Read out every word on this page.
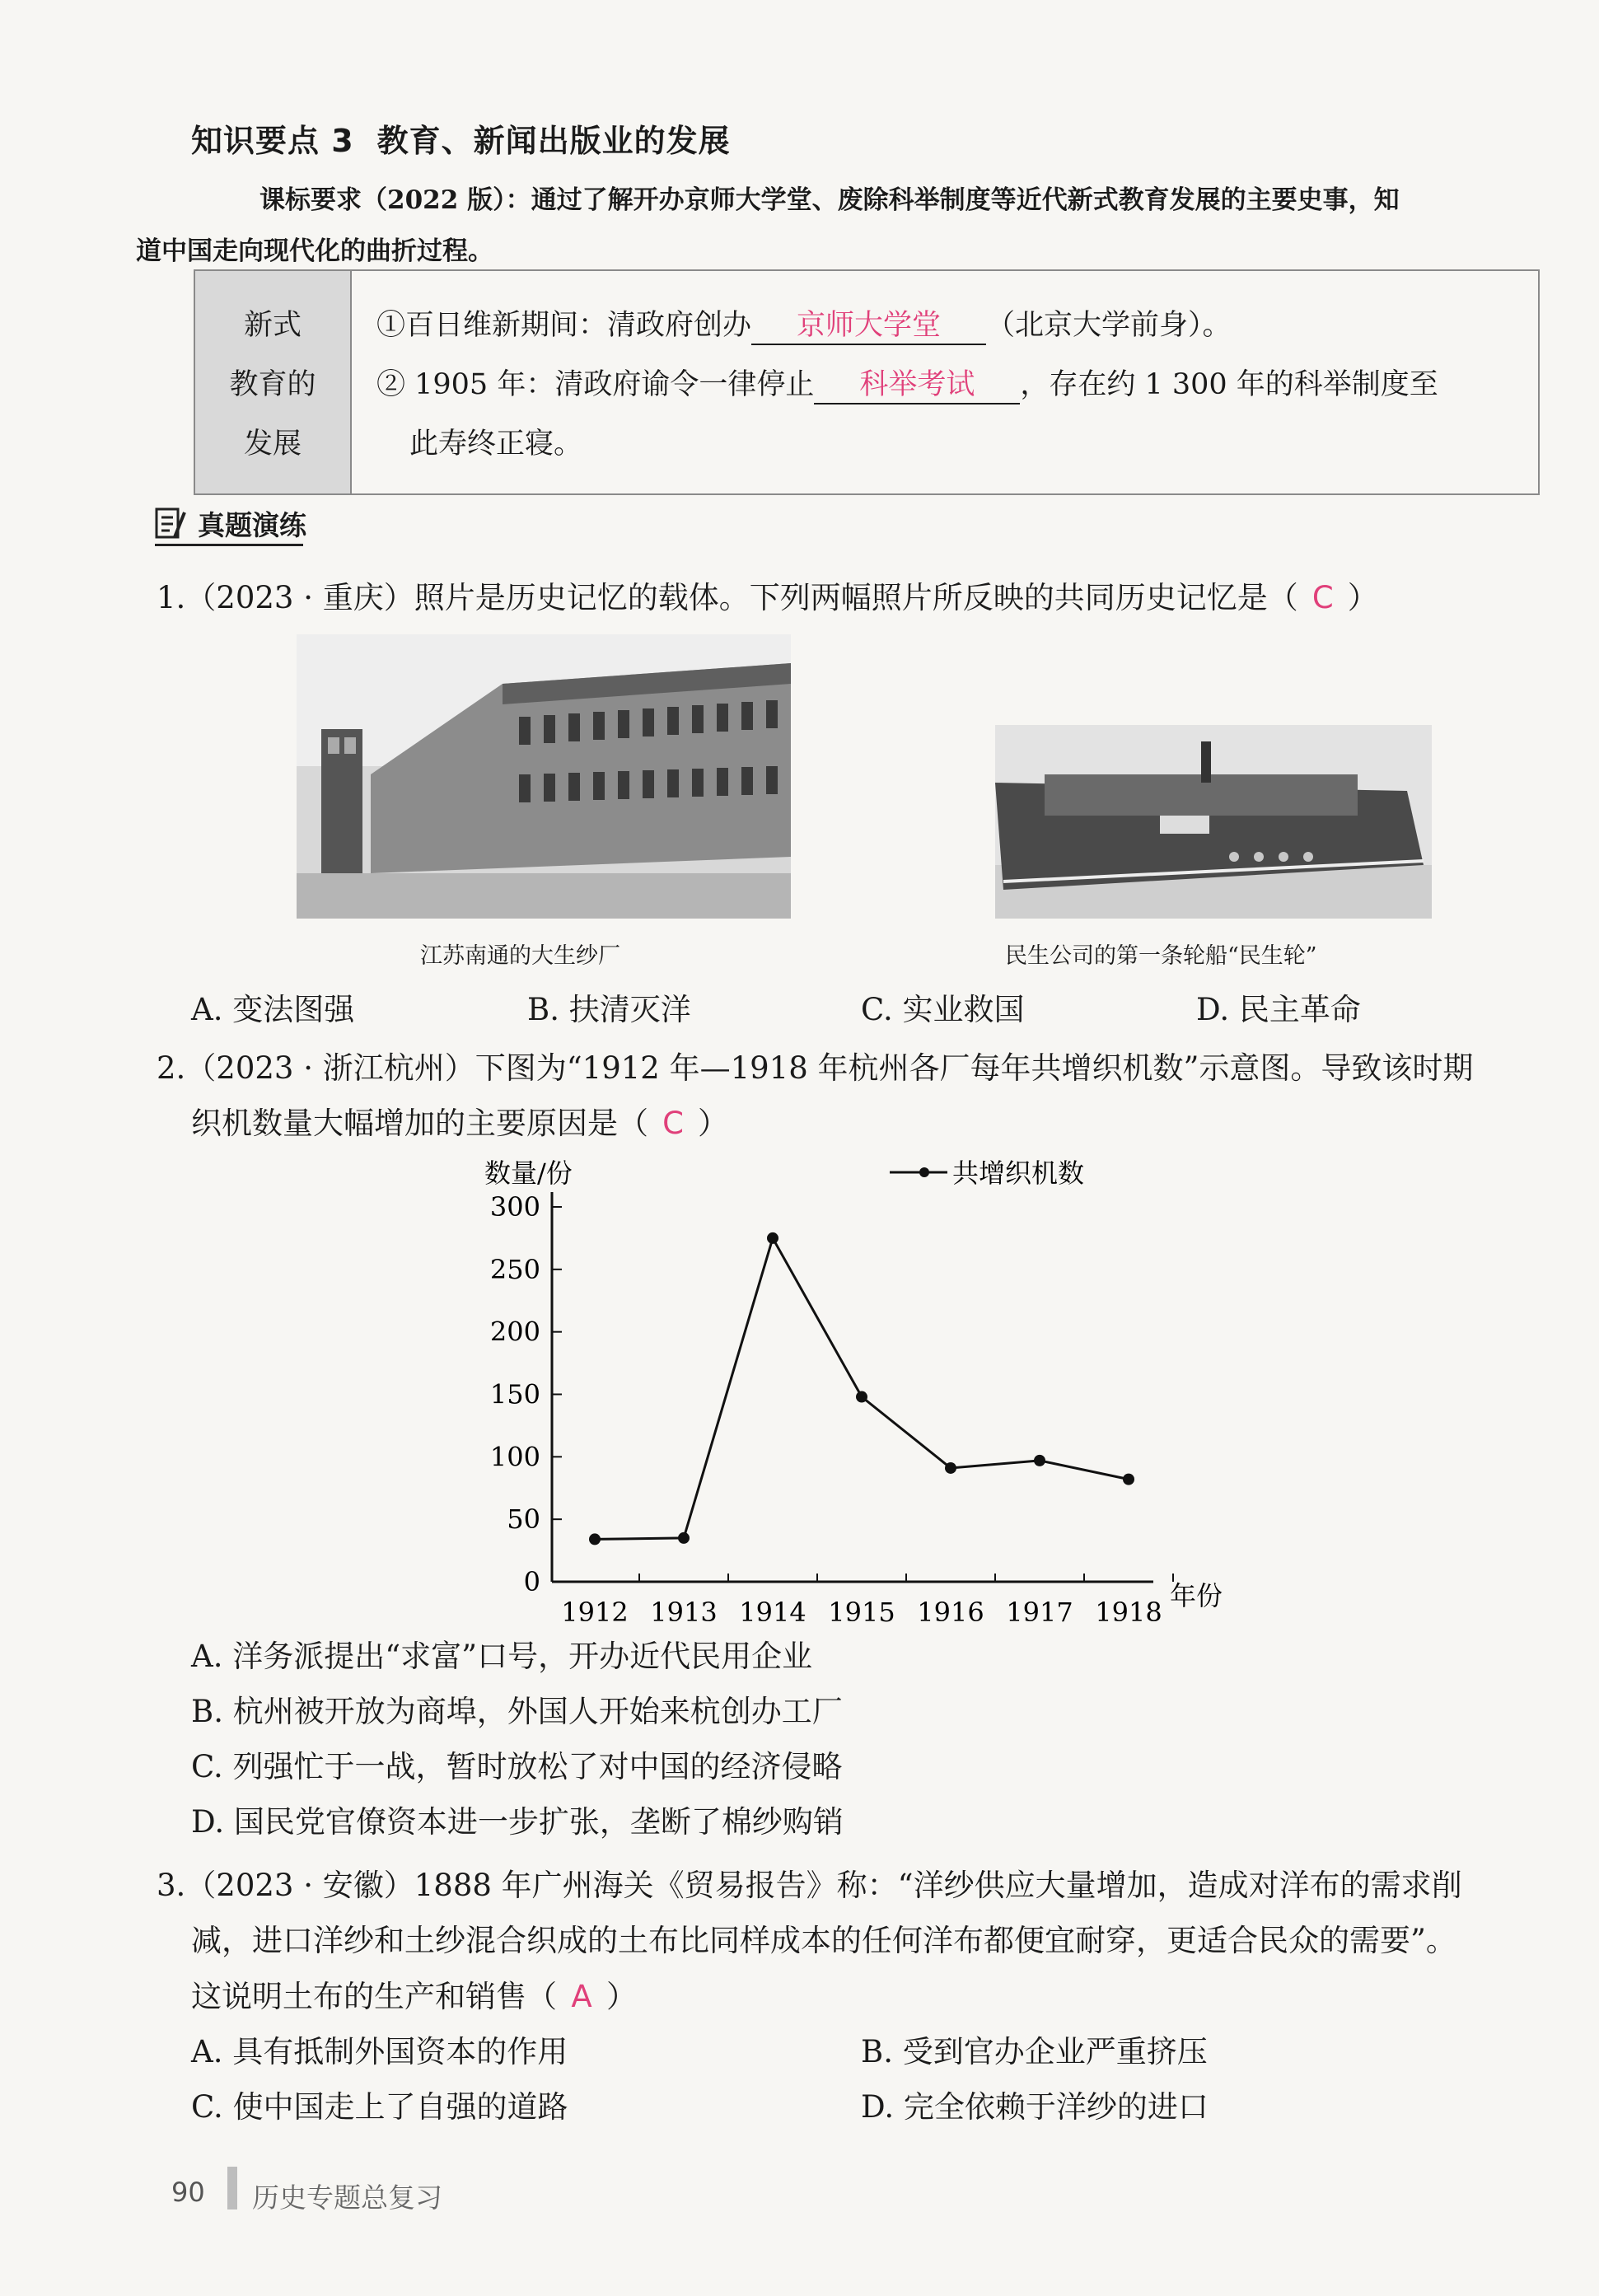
知识要点 3 教育、新闻出版业的发展
课标要求（2022 版）：通过了解开办京师大学堂、废除科举制度等近代新式教育发展的主要史事，知
道中国走向现代化的曲折过程。
新式
教育的
发展
①百日维新期间：清政府创办 京师大学堂 （北京大学前身）。
② 1905 年：清政府谕令一律停止 科举考试 ，存在约 1 300 年的科举制度至
此寿终正寝。
真题演练
1.（2023 · 重庆）照片是历史记忆的载体。下列两幅照片所反映的共同历史记忆是（ C ）
江苏南通的大生纱厂	民生公司的第一条轮船“民生轮”
A. 变法图强	B. 扶清灭洋	C. 实业救国	D. 民主革命
2.（2023 · 浙江杭州）下图为“1912 年—1918 年杭州各厂每年共增织机数”示意图。导致该时期
织机数量大幅增加的主要原因是（ C ）
数量/份	共增织机数
年份
0
50
100
150
200
250
300
1912 1913 1914 1915 1916 1917 1918
A. 洋务派提出“求富”口号，开办近代民用企业
B. 杭州被开放为商埠，外国人开始来杭创办工厂
C. 列强忙于一战，暂时放松了对中国的经济侵略
D. 国民党官僚资本进一步扩张，垄断了棉纱购销
3.（2023 · 安徽）1888 年广州海关《贸易报告》称：“洋纱供应大量增加，造成对洋布的需求削
减，进口洋纱和土纱混合织成的土布比同样成本的任何洋布都便宜耐穿，更适合民众的需要”。
这说明土布的生产和销售（ A ）
A. 具有抵制外国资本的作用	B. 受到官办企业严重挤压
C. 使中国走上了自强的道路	D. 完全依赖于洋纱的进口
90 历史专题总复习
